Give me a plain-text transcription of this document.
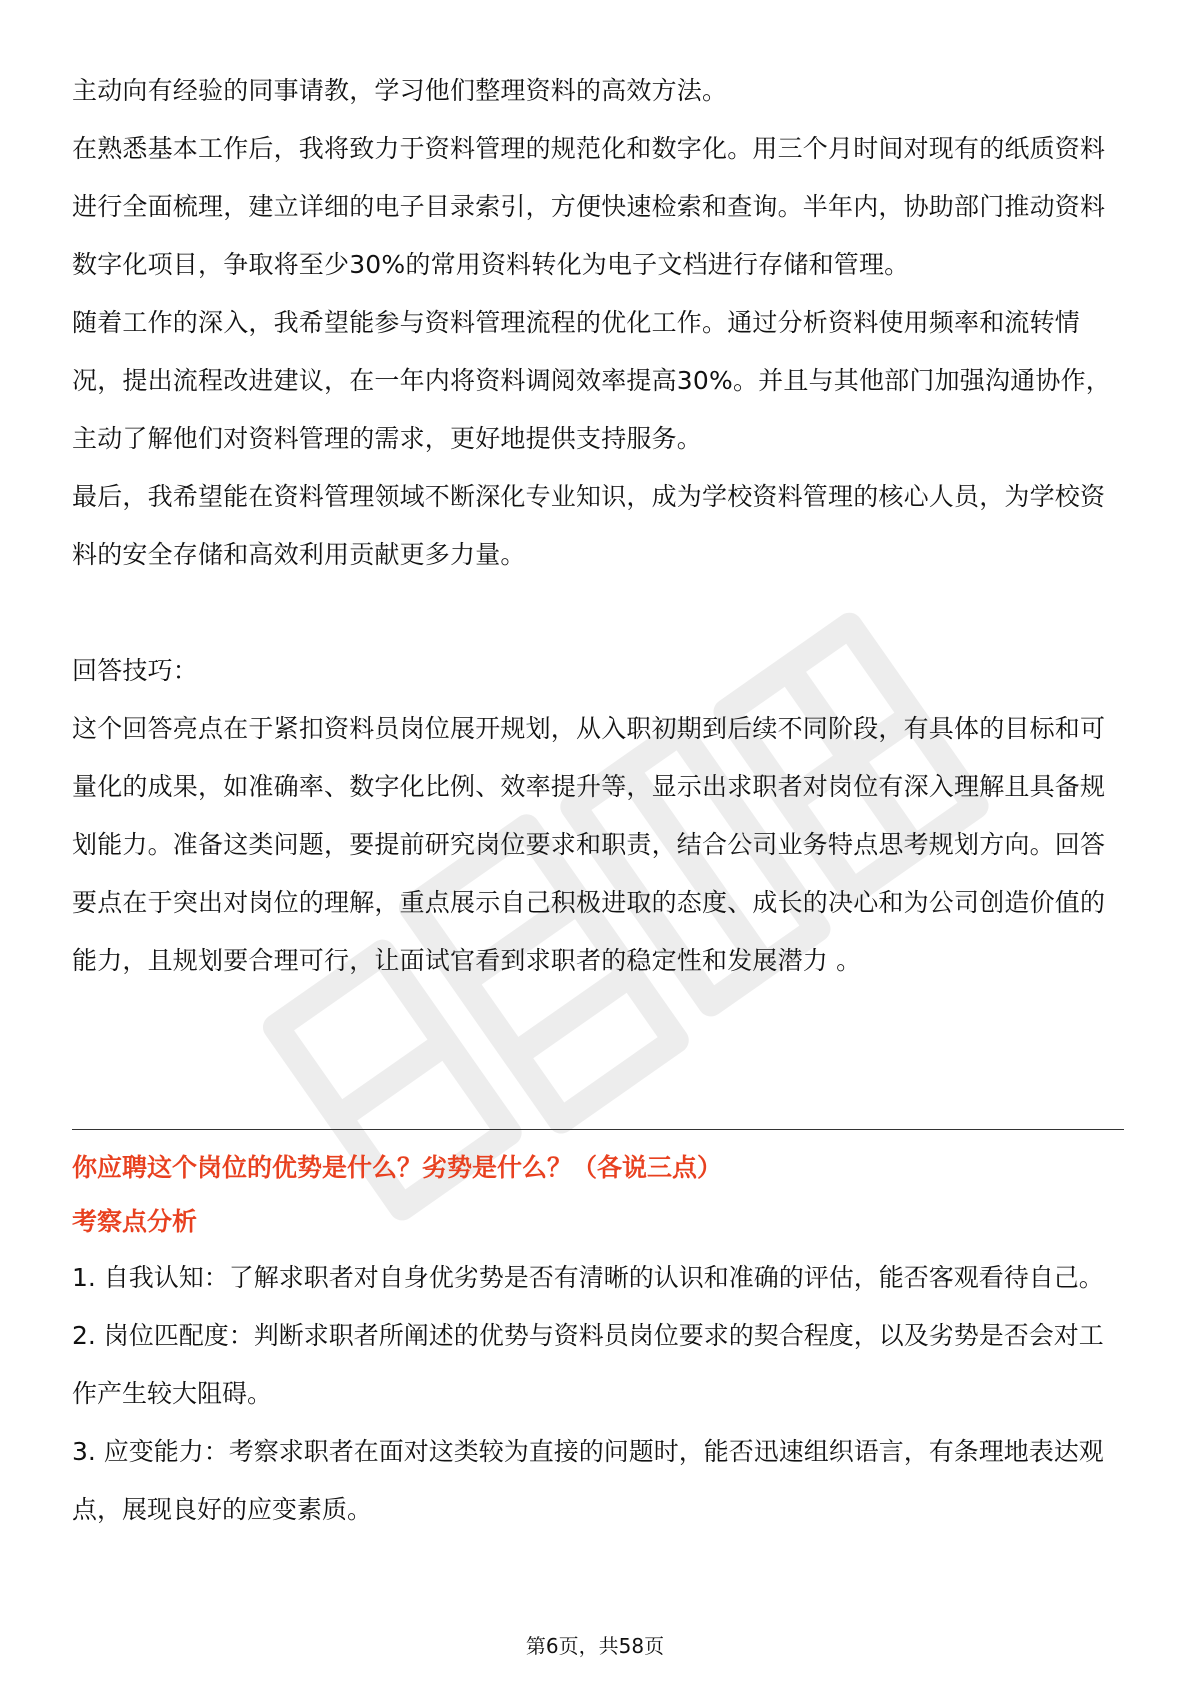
主动向有经验的同事请教，学习他们整理资料的高效方法。

在熟悉基本工作后，我将致力于资料管理的规范化和数字化。用三个月时间对现有的纸质资料进行全面梳理，建立详细的电子目录索引，方便快速检索和查询。半年内，协助部门推动资料数字化项目，争取将至少30%的常用资料转化为电子文档进行存储和管理。

随着工作的深入，我希望能参与资料管理流程的优化工作。通过分析资料使用频率和流转情况，提出流程改进建议，在一年内将资料调阅效率提高30%。并且与其他部门加强沟通协作，主动了解他们对资料管理的需求，更好地提供支持服务。

最后，我希望能在资料管理领域不断深化专业知识，成为学校资料管理的核心人员，为学校资料的安全存储和高效利用贡献更多力量。

回答技巧：

这个回答亮点在于紧扣资料员岗位展开规划，从入职初期到后续不同阶段，有具体的目标和可量化的成果，如准确率、数字化比例、效率提升等，显示出求职者对岗位有深入理解且具备规划能力。准备这类问题，要提前研究岗位要求和职责，结合公司业务特点思考规划方向。回答要点在于突出对岗位的理解，重点展示自己积极进取的态度、成长的决心和为公司创造价值的能力，且规划要合理可行，让面试官看到求职者的稳定性和发展潜力 。

你应聘这个岗位的优势是什么？劣势是什么？（各说三点）

考察点分析

1. 自我认知：了解求职者对自身优劣势是否有清晰的认识和准确的评估，能否客观看待自己。

2. 岗位匹配度：判断求职者所阐述的优势与资料员岗位要求的契合程度，以及劣势是否会对工作产生较大阻碍。

3. 应变能力：考察求职者在面对这类较为直接的问题时，能否迅速组织语言，有条理地表达观点，展现良好的应变素质。

第6页，共58页
